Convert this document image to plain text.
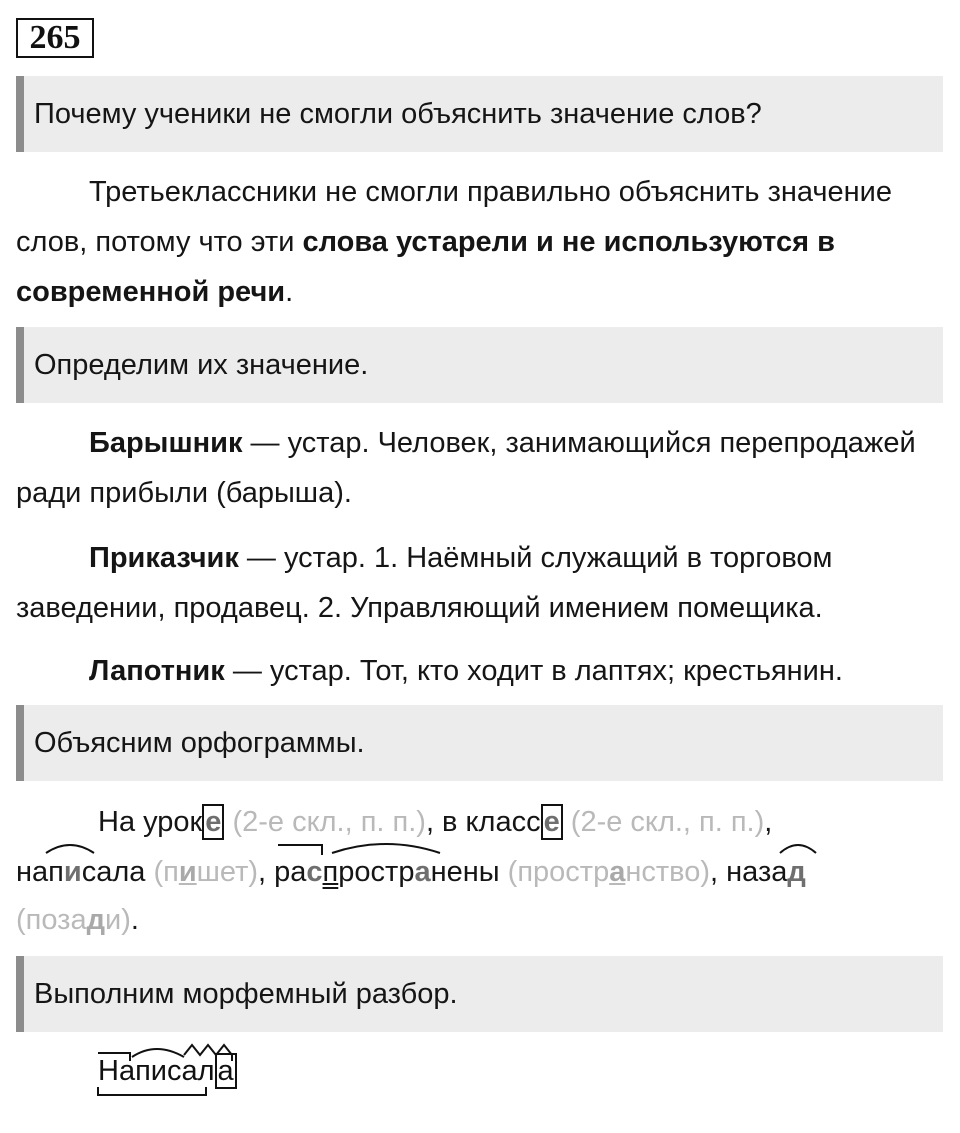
265
Почему ученики не смогли объяснить значение слов?

Третьеклассники не смогли правильно объяснить значение слов, потому что эти слова устарели и не используются в современной речи.

Определим их значение.

Барышник — устар. Человек, занимающийся перепродажей ради прибыли (барыша).

Приказчик — устар. 1. Наёмный служащий в торговом заведении, продавец. 2. Управляющий имением помещика.

Лапотник — устар. Тот, кто ходит в лаптях; крестьянин.

Объясним орфограммы.

На урок е (2-е скл., п. п.), в класс е (2-е скл., п. п.),

написала (пишет), распространены (пространство), назад

(позади).

Выполним морфемный разбор.
Написал а
